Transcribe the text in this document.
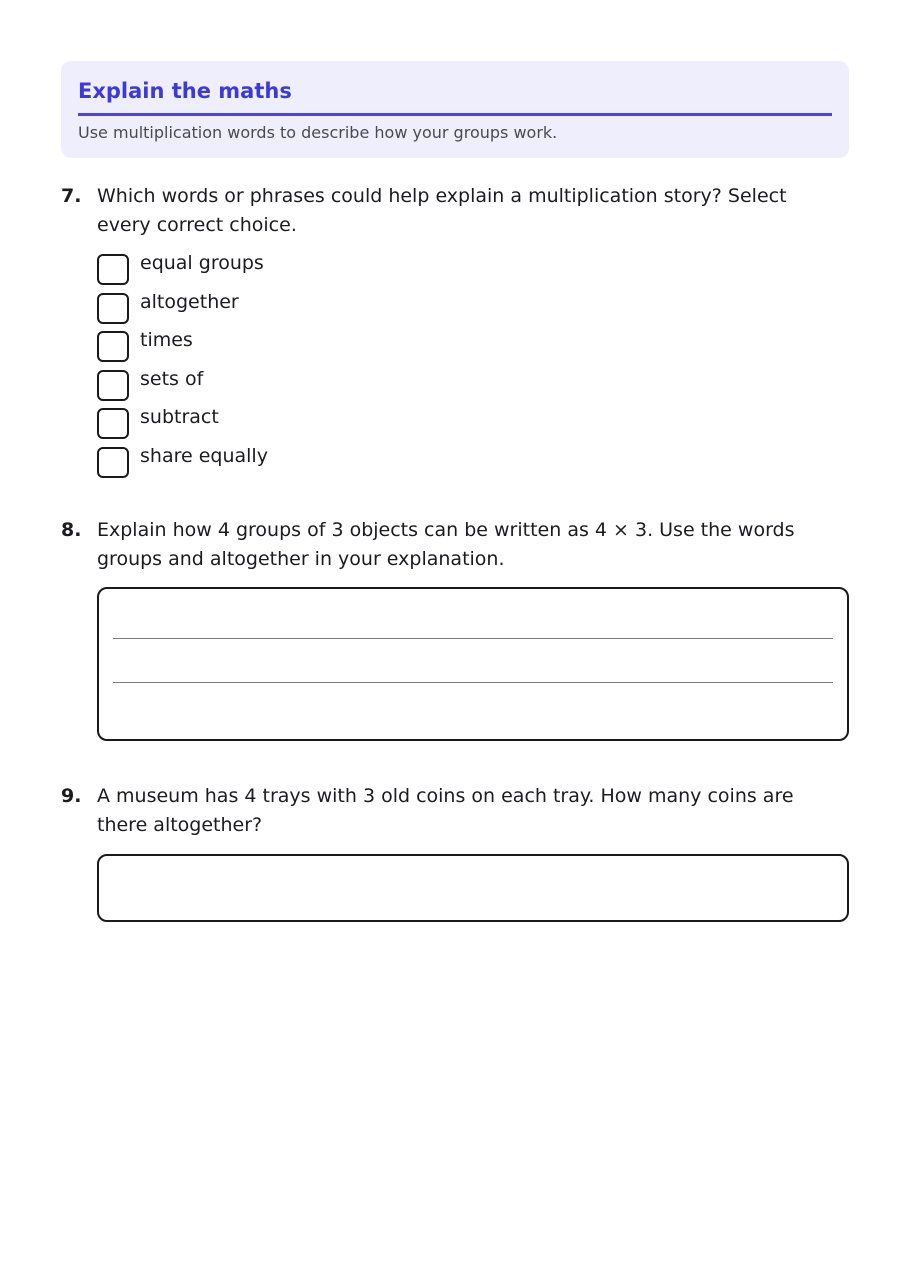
Explain the maths
Use multiplication words to describe how your groups work.
7. Which words or phrases could help explain a multiplication story? Select every correct choice.
equal groups
altogether
times
sets of
subtract
share equally
8. Explain how 4 groups of 3 objects can be written as 4 × 3. Use the words groups and altogether in your explanation.
9. A museum has 4 trays with 3 old coins on each tray. How many coins are there altogether?
